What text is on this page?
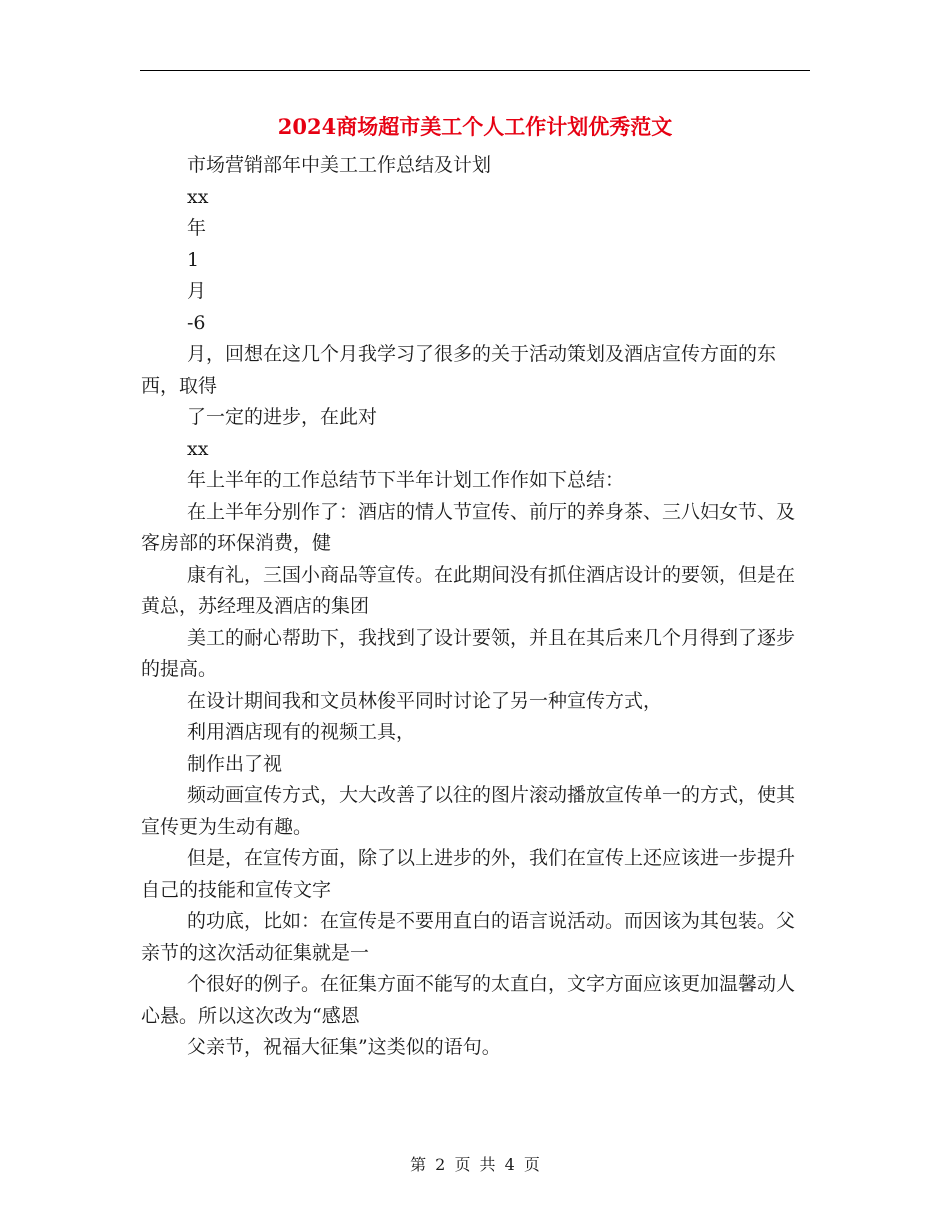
2024商场超市美工个人工作计划优秀范文

市场营销部年中美工工作总结及计划

xx

年

1

月

-6

月，回想在这几个月我学习了很多的关于活动策划及酒店宣传方面的东西，取得

了一定的进步，在此对

xx

年上半年的工作总结节下半年计划工作作如下总结：

在上半年分别作了：酒店的情人节宣传、前厅的养身茶、三八妇女节、及客房部的环保消费，健

康有礼，三国小商品等宣传。在此期间没有抓住酒店设计的要领，但是在黄总，苏经理及酒店的集团

美工的耐心帮助下，我找到了设计要领，并且在其后来几个月得到了逐步的提高。

在设计期间我和文员林俊平同时讨论了另一种宣传方式，

利用酒店现有的视频工具，

制作出了视

频动画宣传方式，大大改善了以往的图片滚动播放宣传单一的方式，使其宣传更为生动有趣。

但是，在宣传方面，除了以上进步的外，我们在宣传上还应该进一步提升自己的技能和宣传文字

的功底，比如：在宣传是不要用直白的语言说活动。而因该为其包装。父亲节的这次活动征集就是一

个很好的例子。在征集方面不能写的太直白，文字方面应该更加温馨动人心悬。所以这次改为“感恩

父亲节，祝福大征集”这类似的语句。

第 2 页 共 4 页
